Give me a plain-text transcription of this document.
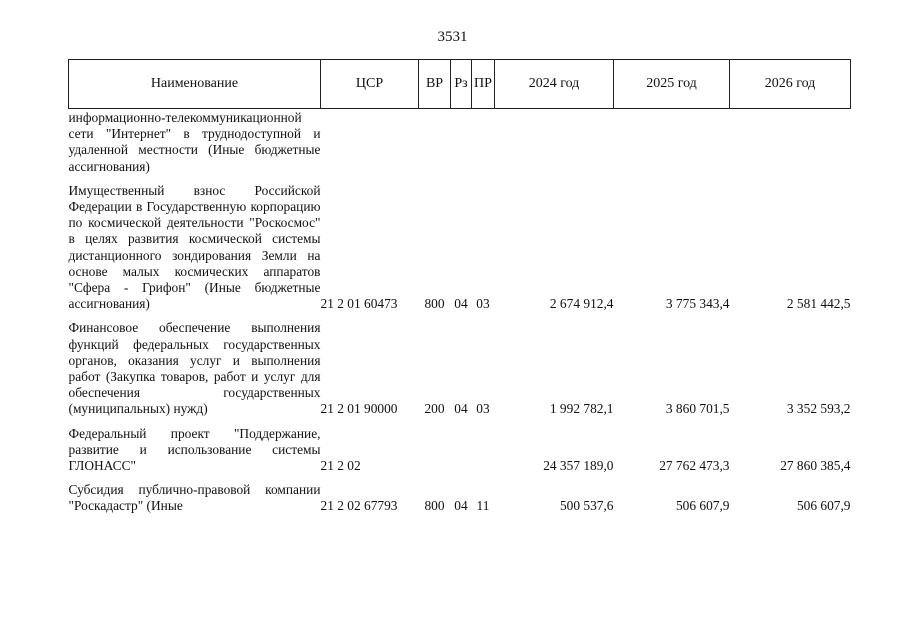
3531
Наименование	ЦСР	ВР	Рз	ПР	2024 год	2025 год	2026 год
информационно-телекоммуникационной сети "Интернет" в труднодоступной и удаленной местности (Иные бюджетные ассигнования)							
Имущественный взнос Российской Федерации в Государственную корпорацию по космической деятельности "Роскосмос" в целях развития космической системы дистанционного зондирования Земли на основе малых космических аппаратов "Сфера - Грифон" (Иные бюджетные ассигнования)	21 2 01 60473	800	04	03	2 674 912,4	3 775 343,4	2 581 442,5
Финансовое обеспечение выполнения функций федеральных государственных органов, оказания услуг и выполнения работ (Закупка товаров, работ и услуг для обеспечения государственных (муниципальных) нужд)	21 2 01 90000	200	04	03	1 992 782,1	3 860 701,5	3 352 593,2
Федеральный проект "Поддержание, развитие и использование системы ГЛОНАСС"	21 2 02				24 357 189,0	27 762 473,3	27 860 385,4
Субсидия публично-правовой компании "Роскадастр" (Иные	21 2 02 67793	800	04	11	500 537,6	506 607,9	506 607,9
